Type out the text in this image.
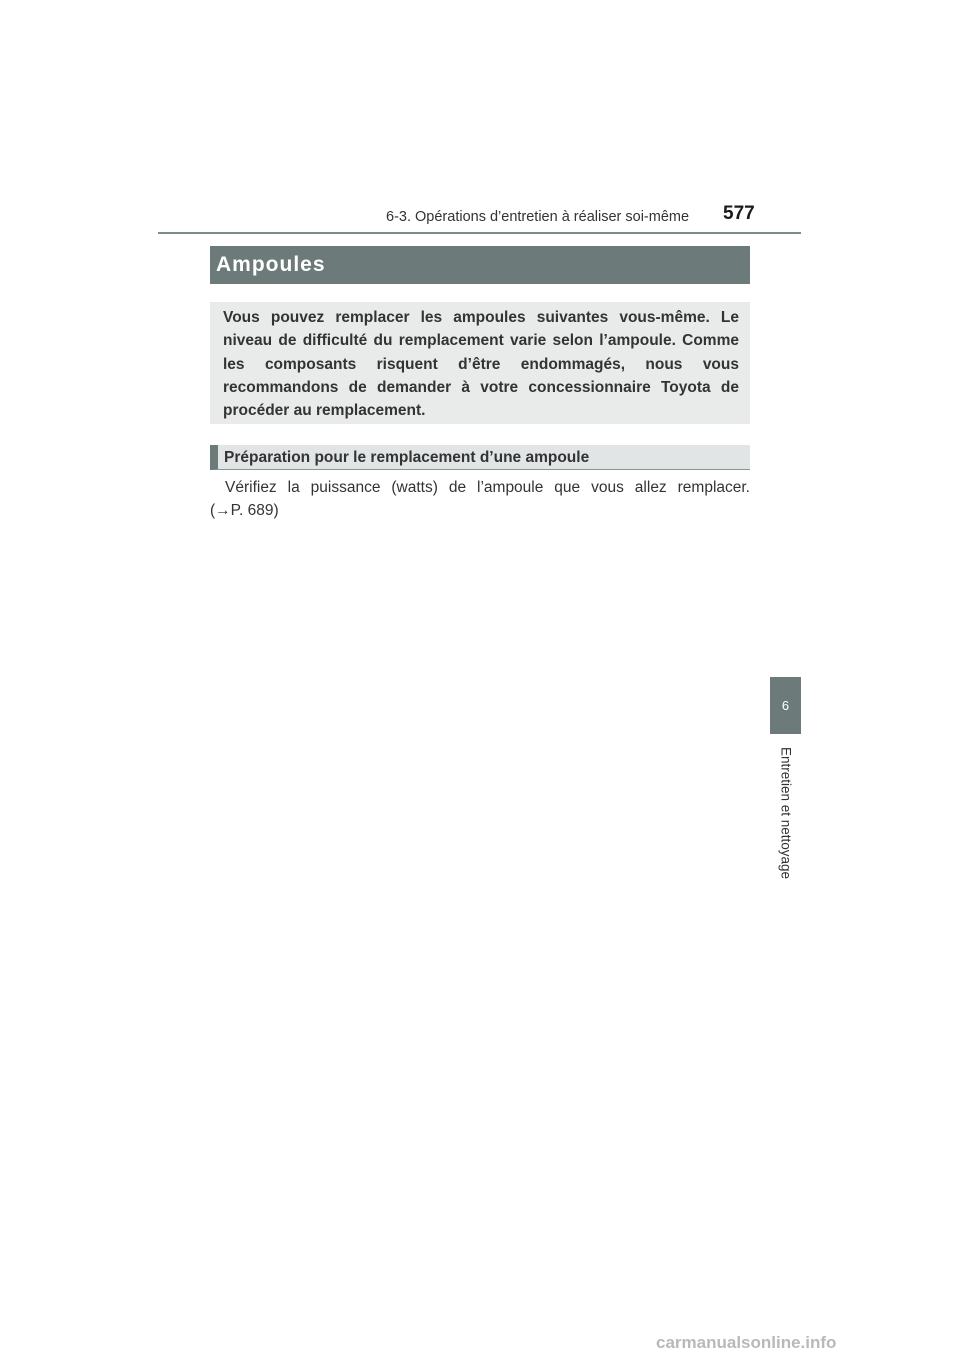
6-3. Opérations d’entretien à réaliser soi-même 577
Ampoules
Vous pouvez remplacer les ampoules suivantes vous-même. Le niveau de difficulté du remplacement varie selon l’ampoule. Comme les composants risquent d’être endommagés, nous vous recommandons de demander à votre concessionnaire Toyota de procéder au remplacement.
Préparation pour le remplacement d’une ampoule
Vérifiez la puissance (watts) de l’ampoule que vous allez remplacer.
(→P. 689)
6
Entretien et nettoyage
carmanualsonline.info
